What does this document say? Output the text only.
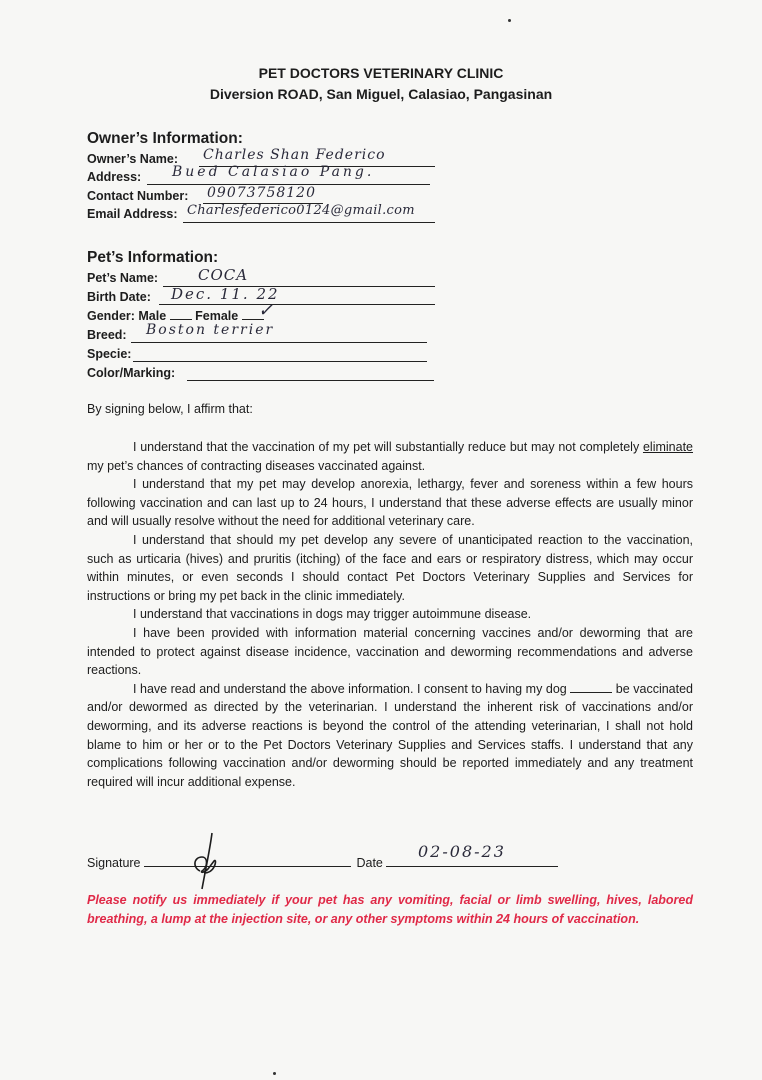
PET DOCTORS VETERINARY CLINIC
Diversion ROAD, San Miguel, Calasiao, Pangasinan
Owner’s Information:
Owner’s Name: Charles Shan Federico
Address: Bued Calasiao Pang.
Contact Number: 09073758120
Email Address: Charlesfederico0124@gmail.com
Pet’s Information:
Pet’s Name:	COCA
Birth Date: Dec. 11. 22
Gender: Male Female	✓
Breed: Boston terrier
Specie:
Color/Marking:
By signing below, I affirm that:

I understand that the vaccination of my pet will substantially reduce but may not completely eliminate my pet’s chances of contracting diseases vaccinated against.

I understand that my pet may develop anorexia, lethargy, fever and soreness within a few hours following vaccination and can last up to 24 hours, I understand that these adverse effects are usually minor and will usually resolve without the need for additional veterinary care.

I understand that should my pet develop any severe of unanticipated reaction to the vaccination, such as urticaria (hives) and pruritis (itching) of the face and ears or respiratory distress, which may occur within minutes, or even seconds I should contact Pet Doctors Veterinary Supplies and Services for instructions or bring my pet back in the clinic immediately.

I understand that vaccinations in dogs may trigger autoimmune disease.

I have been provided with information material concerning vaccines and/or deworming that are intended to protect against disease incidence, vaccination and deworming recommendations and adverse reactions.

I have read and understand the above information. I consent to having my dog	be vaccinated and/or dewormed as directed by the veterinarian. I understand the inherent risk of vaccinations and/or deworming, and its adverse reactions is beyond the control of the attending veterinarian, I shall not hold blame to him or her or to the Pet Doctors Veterinary Supplies and Services staffs. I understand that any complications following vaccination and/or deworming should be reported immediately and any treatment required will incur additional expense.

Signature	Date
02-08-23
Please notify us immediately if your pet has any vomiting, facial or limb swelling, hives, labored breathing, a lump at the injection site, or any other symptoms within 24 hours of vaccination.
